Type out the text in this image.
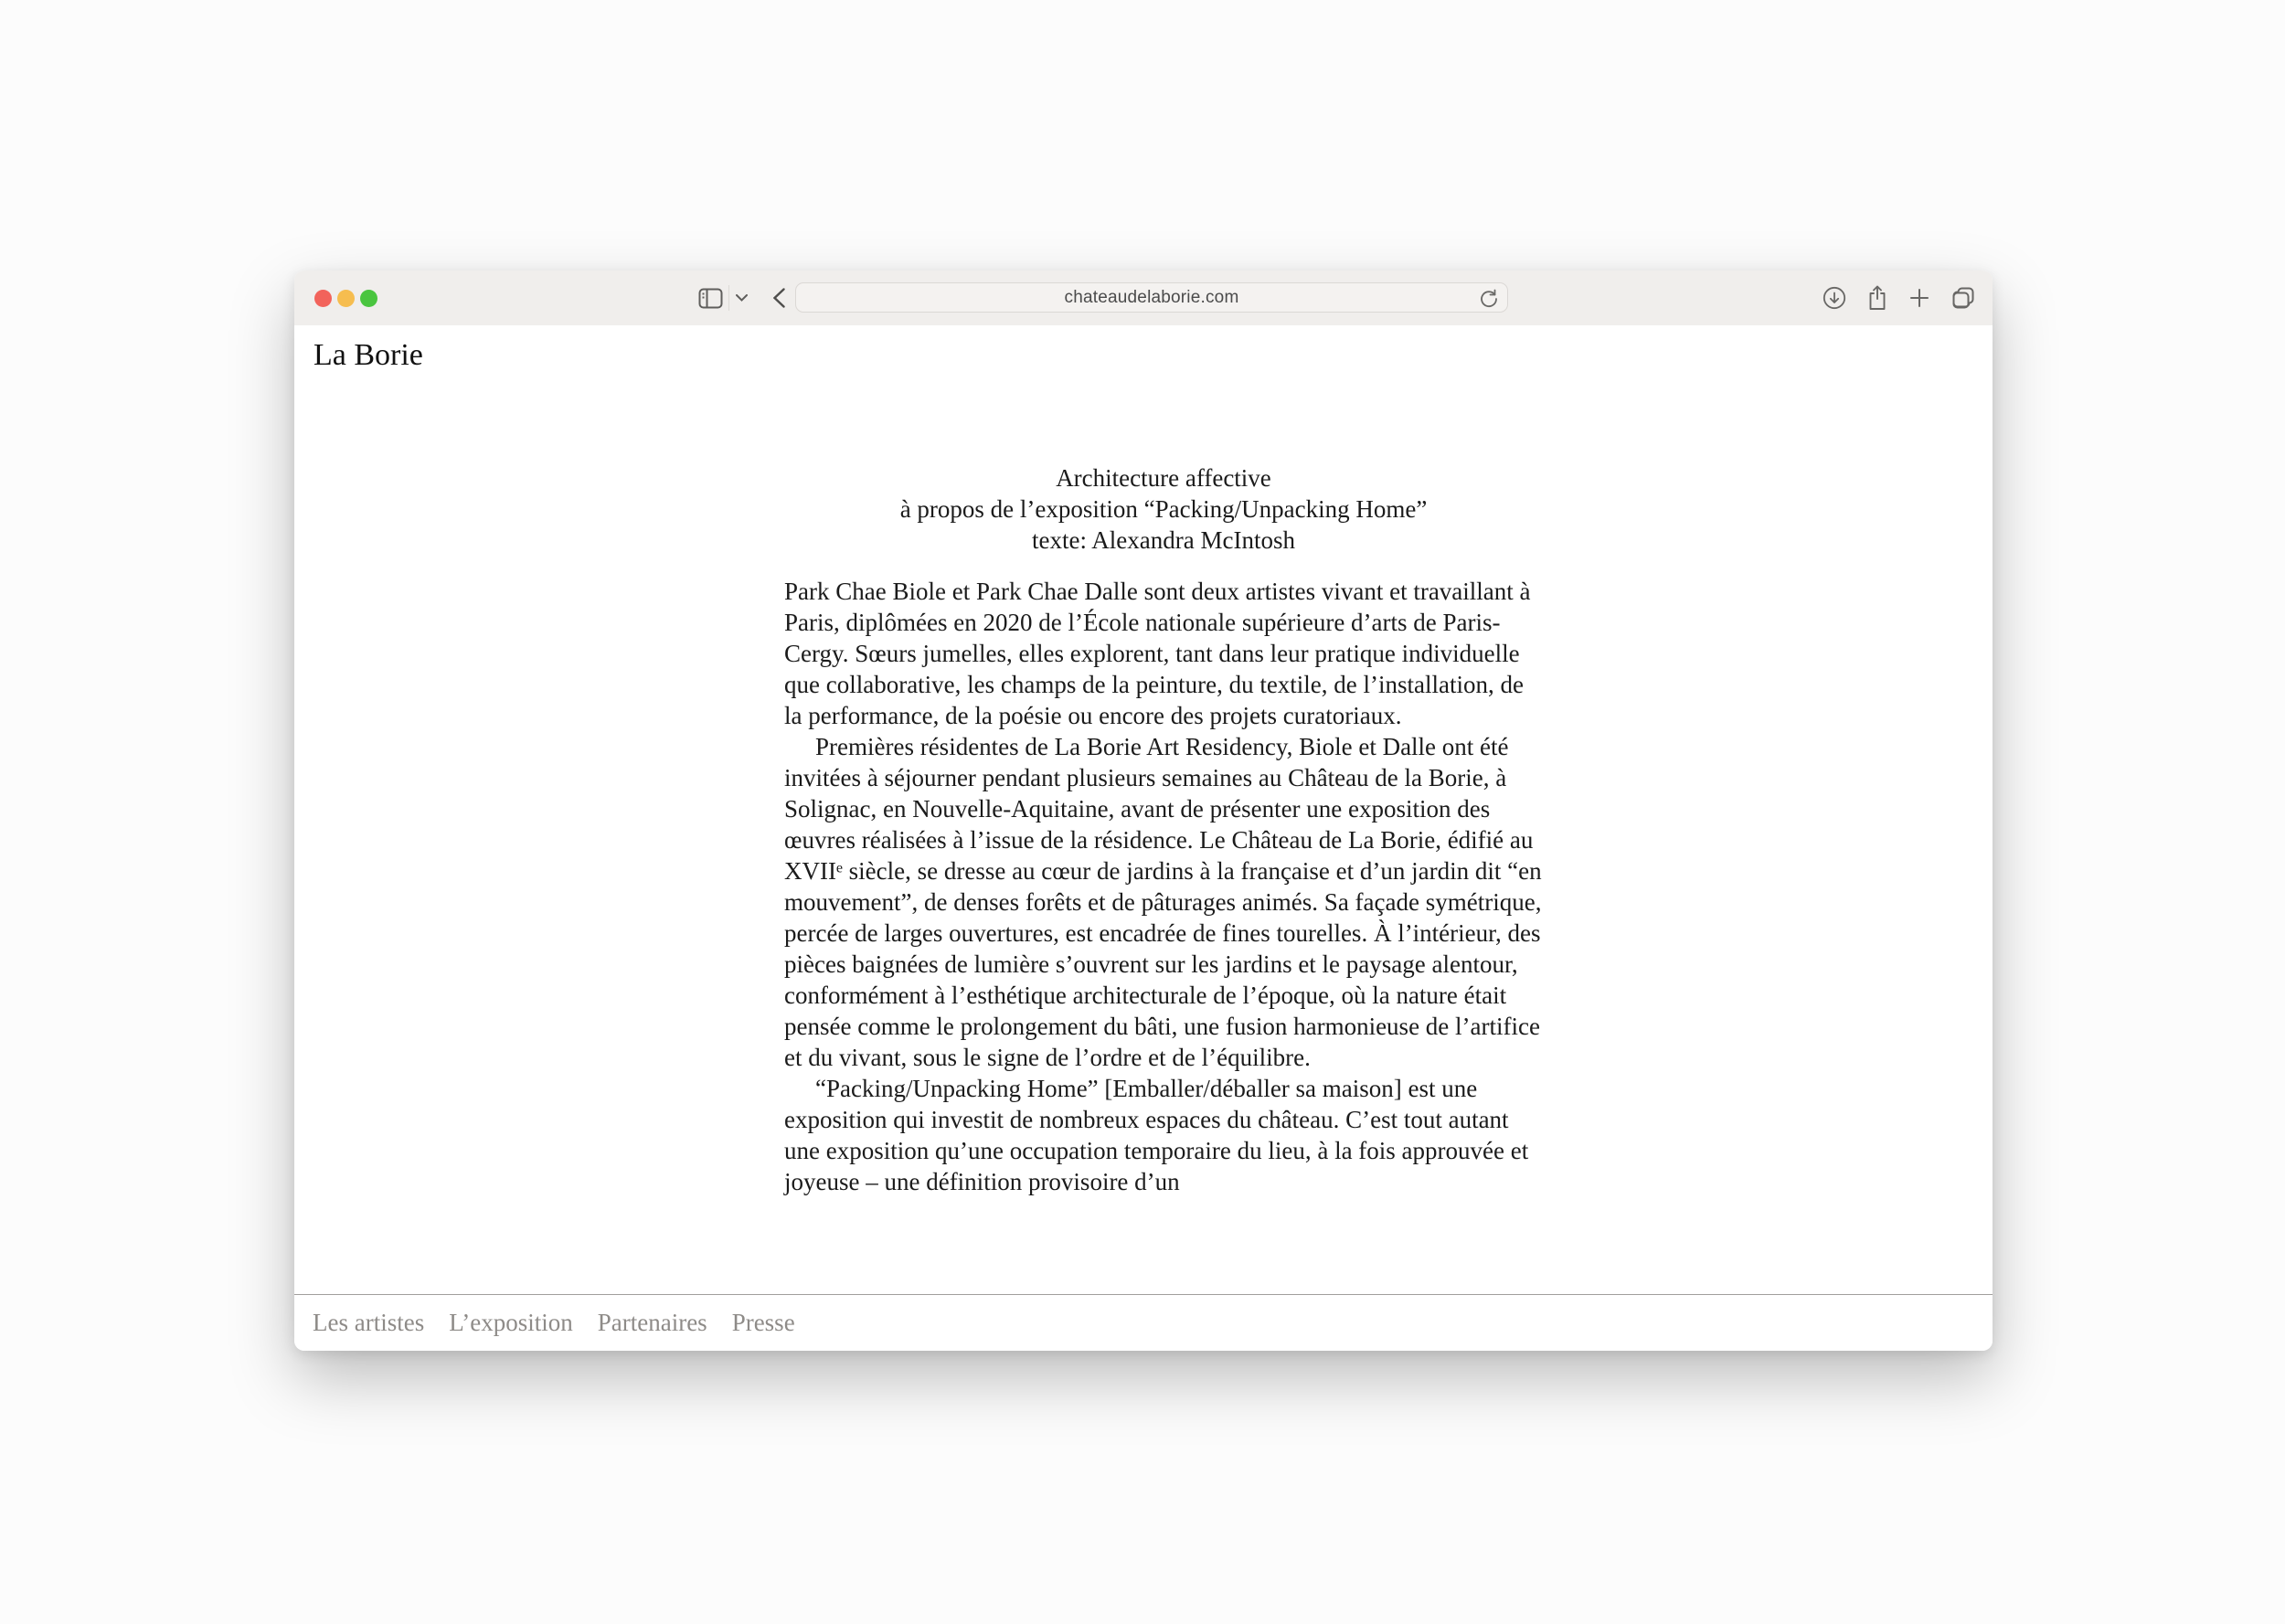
chateaudelaborie.com
La Borie
Architecture affective
à propos de l’exposition “Packing/Unpacking Home”
texte: Alexandra McIntosh

Park Chae Biole et Park Chae Dalle sont deux artistes vivant et travaillant à Paris, diplômées en 2020 de l’École nationale supérieure d’arts de Paris-Cergy. Sœurs jumelles, elles explorent, tant dans leur pratique individuelle que collaborative, les champs de la peinture, du textile, de l’installation, de la performance, de la poésie ou encore des projets curatoriaux.

Premières résidentes de La Borie Art Residency, Biole et Dalle ont été invitées à séjourner pendant plusieurs semaines au Château de la Borie, à Solignac, en Nouvelle-Aquitaine, avant de présenter une exposition des œuvres réalisées à l’issue de la résidence. Le Château de La Borie, édifié au XVIIᵉ siècle, se dresse au cœur de jardins à la française et d’un jardin dit “en mouvement”, de denses forêts et de pâturages animés. Sa façade symétrique, percée de larges ouvertures, est encadrée de fines tourelles. À l’intérieur, des pièces baignées de lumière s’ouvrent sur les jardins et le paysage alentour, conformément à l’esthétique architecturale de l’époque, où la nature était pensée comme le prolongement du bâti, une fusion harmonieuse de l’artifice et du vivant, sous le signe de l’ordre et de l’équilibre.

“Packing/Unpacking Home” [Emballer/déballer sa maison] est une exposition qui investit de nombreux espaces du château. C’est tout autant une exposition qu’une occupation temporaire du lieu, à la fois approuvée et joyeuse – une définition provisoire d’un

Les artistes L’exposition Partenaires Presse
